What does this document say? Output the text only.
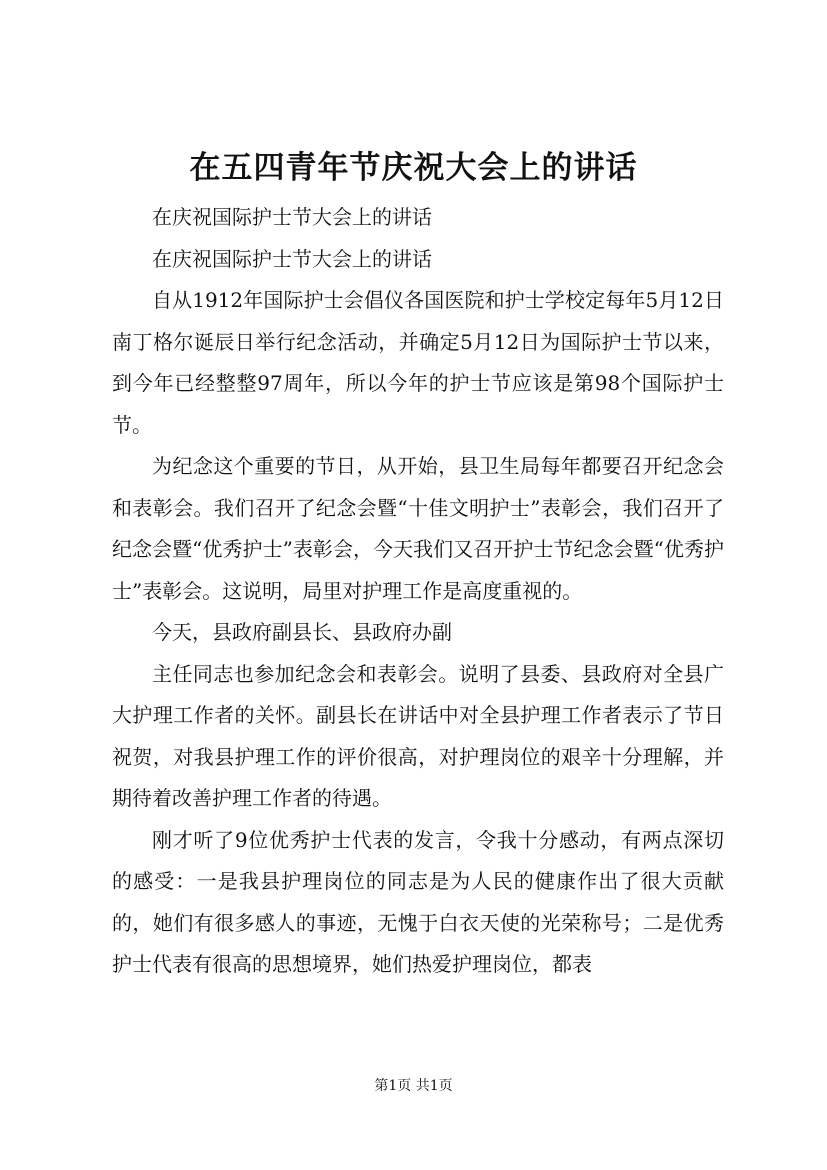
在五四青年节庆祝大会上的讲话

在庆祝国际护士节大会上的讲话

在庆祝国际护士节大会上的讲话

自从1912年国际护士会倡仪各国医院和护士学校定每年5月12日南丁格尔诞辰日举行纪念活动，并确定5月12日为国际护士节以来，到今年已经整整97周年，所以今年的护士节应该是第98个国际护士节。

为纪念这个重要的节日，从开始，县卫生局每年都要召开纪念会和表彰会。我们召开了纪念会暨“十佳文明护士”表彰会，我们召开了纪念会暨“优秀护士”表彰会，今天我们又召开护士节纪念会暨“优秀护士”表彰会。这说明，局里对护理工作是高度重视的。

今天，县政府副县长、县政府办副

主任同志也参加纪念会和表彰会。说明了县委、县政府对全县广大护理工作者的关怀。副县长在讲话中对全县护理工作者表示了节日祝贺，对我县护理工作的评价很高，对护理岗位的艰辛十分理解，并期待着改善护理工作者的待遇。

刚才听了9位优秀护士代表的发言，令我十分感动，有两点深切的感受：一是我县护理岗位的同志是为人民的健康作出了很大贡献的，她们有很多感人的事迹，无愧于白衣天使的光荣称号；二是优秀护士代表有很高的思想境界，她们热爱护理岗位，都表

第1页 共1页
